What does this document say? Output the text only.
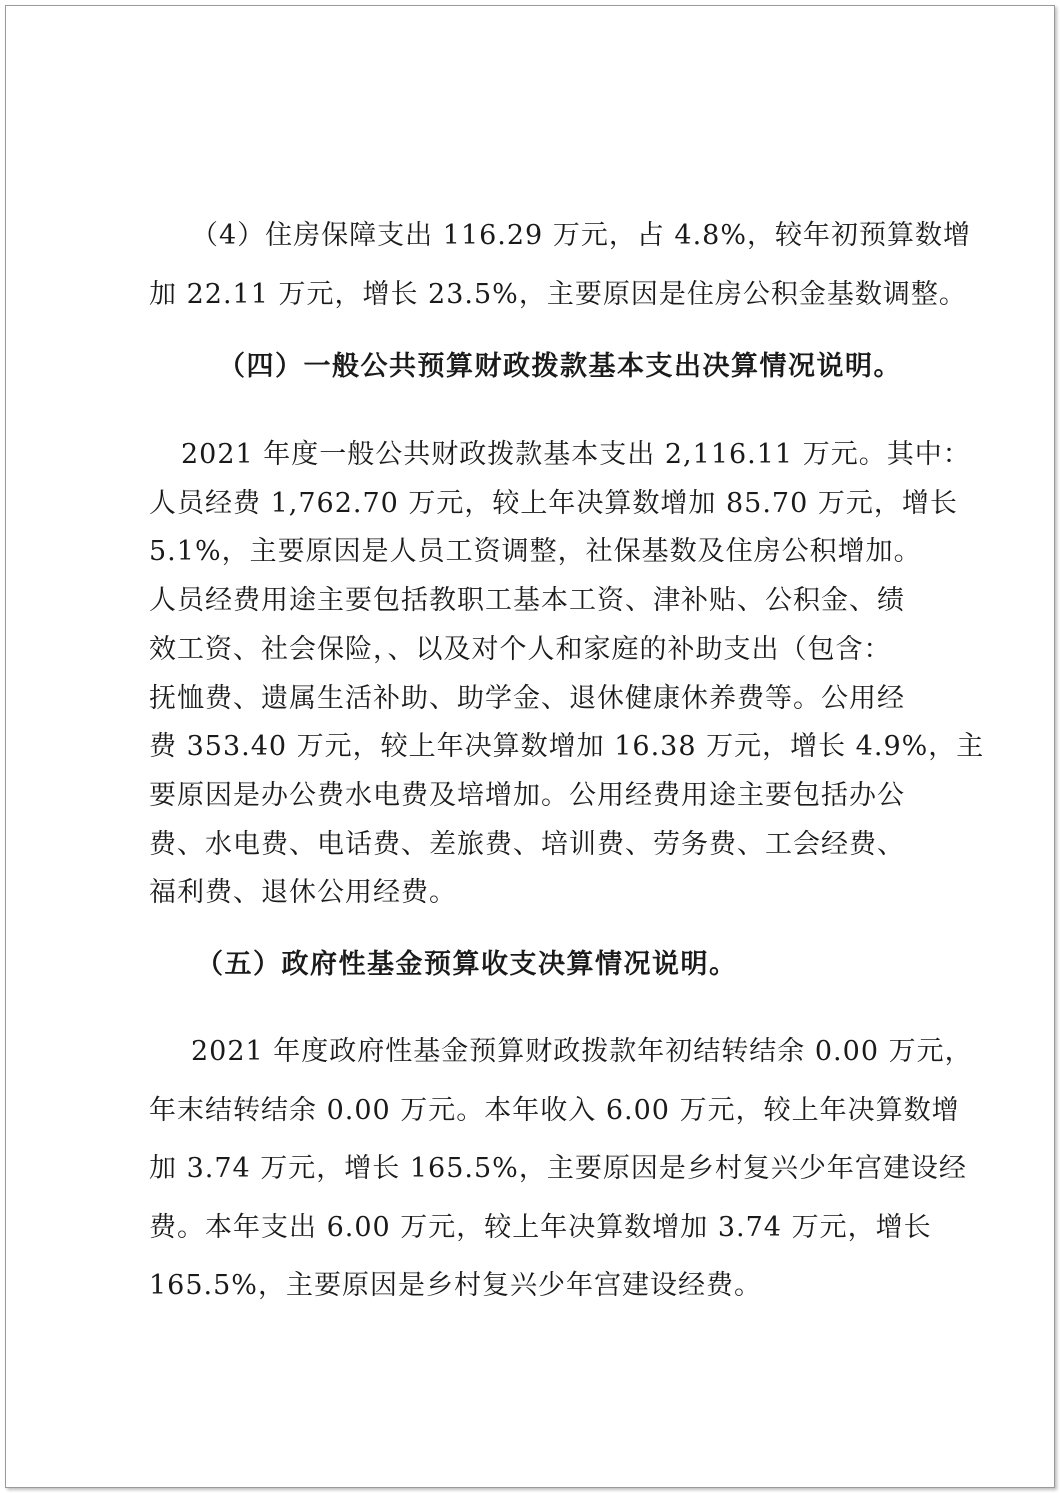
（4）住房保障支出 116.29 万元，占 4.8%，较年初预算数增
加 22.11 万元，增长 23.5%，主要原因是住房公积金基数调整。
（四）一般公共预算财政拨款基本支出决算情况说明。
2021 年度一般公共财政拨款基本支出 2,116.11 万元。其中：
人员经费 1,762.70 万元，较上年决算数增加 85.70 万元，增长
5.1%，主要原因是人员工资调整，社保基数及住房公积增加。
人员经费用途主要包括教职工基本工资、津补贴、公积金、绩
效工资、社会保险，、以及对个人和家庭的补助支出（包含：
抚恤费、遗属生活补助、助学金、退休健康休养费等。公用经
费 353.40 万元，较上年决算数增加 16.38 万元，增长 4.9%，主
要原因是办公费水电费及培增加。公用经费用途主要包括办公
费、水电费、电话费、差旅费、培训费、劳务费、工会经费、
福利费、退休公用经费。
（五）政府性基金预算收支决算情况说明。
2021 年度政府性基金预算财政拨款年初结转结余 0.00 万元，
年末结转结余 0.00 万元。本年收入 6.00 万元，较上年决算数增
加 3.74 万元，增长 165.5%，主要原因是乡村复兴少年宫建设经
费。本年支出 6.00 万元，较上年决算数增加 3.74 万元，增长
165.5%，主要原因是乡村复兴少年宫建设经费。
